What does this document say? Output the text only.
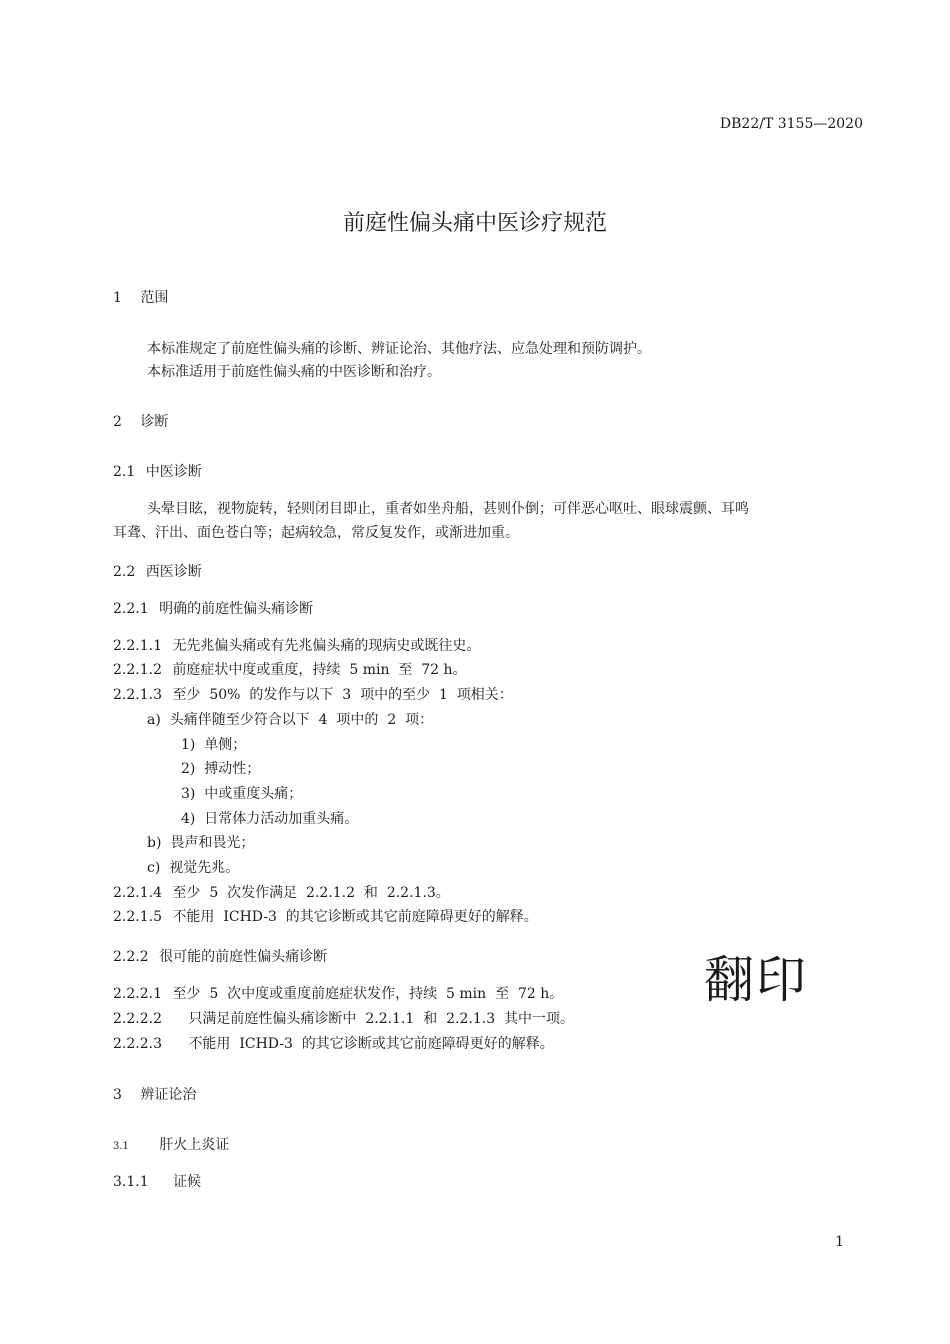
DB22/T 3155—2020
前庭性偏头痛中医诊疗规范
1 范围
本标准规定了前庭性偏头痛的诊断、辨证论治、其他疗法、应急处理和预防调护。
本标准适用于前庭性偏头痛的中医诊断和治疗。
2 诊断
2.1 中医诊断
头晕目眩，视物旋转，轻则闭目即止，重者如坐舟船，甚则仆倒；可伴恶心呕吐、眼球震颤、耳鸣
耳聋、汗出、面色苍白等；起病较急，常反复发作，或渐进加重。
2.2 西医诊断
2.2.1 明确的前庭性偏头痛诊断
2.2.1.1 无先兆偏头痛或有先兆偏头痛的现病史或既往史。
2.2.1.2 前庭症状中度或重度，持续  5 min  至  72 h。
2.2.1.3 至少  50%  的发作与以下  3  项中的至少  1  项相关：
a)  头痛伴随至少符合以下  4  项中的  2  项：
1)  单侧；
2)  搏动性；
3)  中或重度头痛；
4)  日常体力活动加重头痛。
b)  畏声和畏光；
c)  视觉先兆。
2.2.1.4 至少  5  次发作满足  2.2.1.2  和  2.2.1.3。
2.2.1.5 不能用  ICHD-3  的其它诊断或其它前庭障碍更好的解释。
2.2.2 很可能的前庭性偏头痛诊断
2.2.2.1 至少  5  次中度或重度前庭症状发作，持续  5 min  至  72 h。
2.2.2.2 只满足前庭性偏头痛诊断中  2.2.1.1  和  2.2.1.3  其中一项。
2.2.2.3 不能用  ICHD-3  的其它诊断或其它前庭障碍更好的解释。
翻印
3 辨证论治
3.1 肝火上炎证
3.1.1 证候
1
